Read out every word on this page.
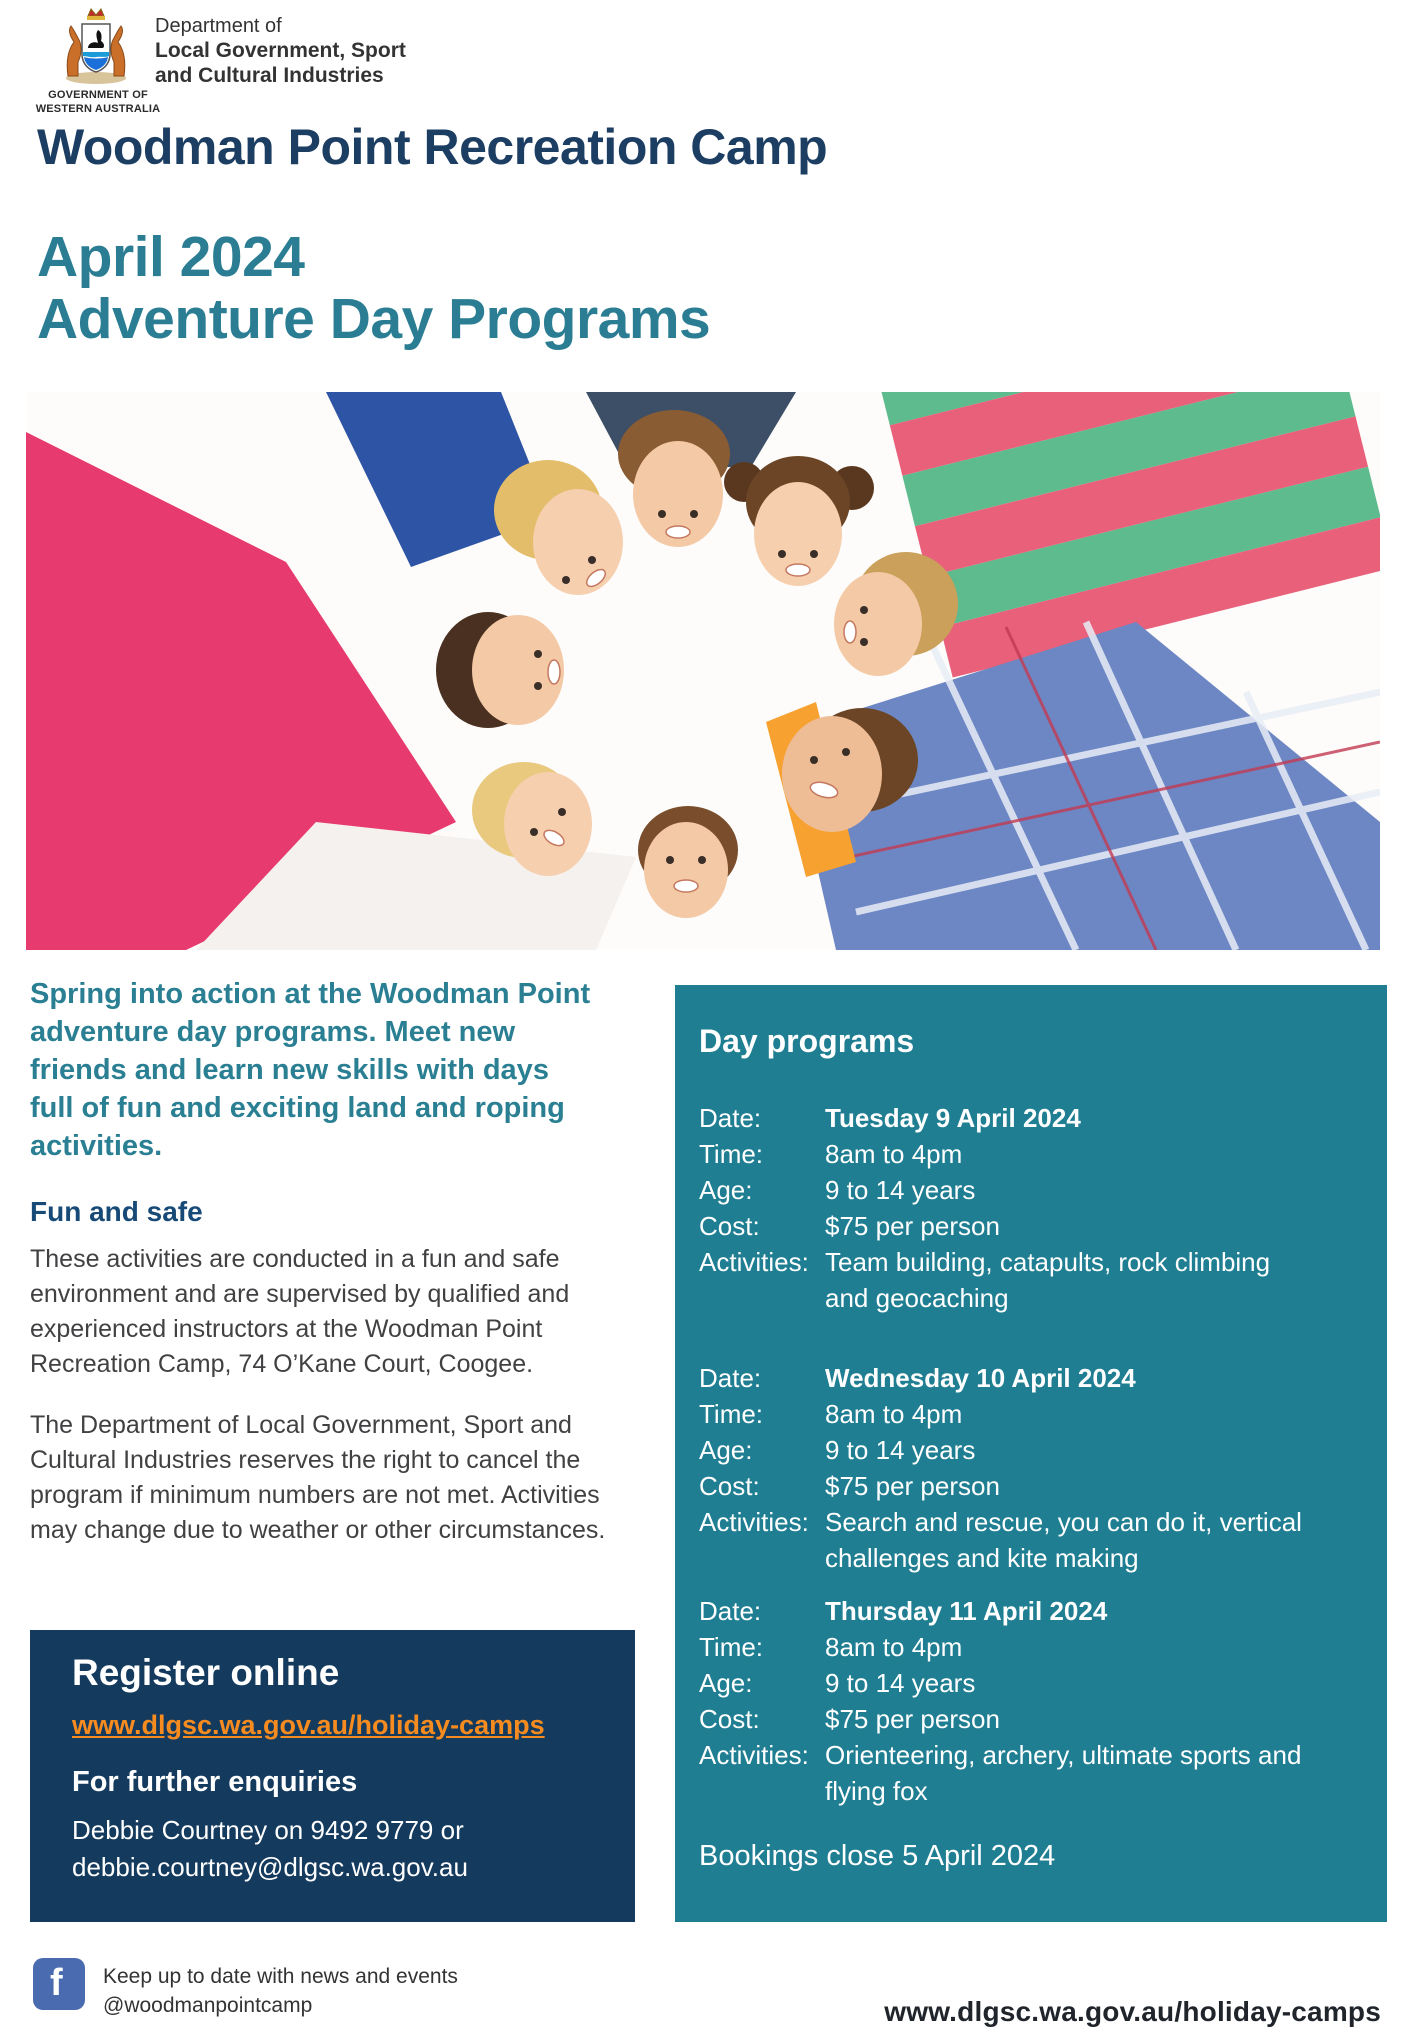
GOVERNMENT OF
WESTERN AUSTRALIA
Department of
Local Government, Sport
and Cultural Industries
Woodman Point Recreation Camp
April 2024
Adventure Day Programs
Spring into action at the Woodman Point adventure day programs. Meet new friends and learn new skills with days full of fun and exciting land and roping activities.
Fun and safe
These activities are conducted in a fun and safe environment and are supervised by qualified and experienced instructors at the Woodman Point Recreation Camp, 74 O’Kane Court, Coogee.
The Department of Local Government, Sport and Cultural Industries reserves the right to cancel the program if minimum numbers are not met. Activities may change due to weather or other circumstances.
Register online
www.dlgsc.wa.gov.au/holiday-camps
For further enquiries
Debbie Courtney on 9492 9779 or
debbie.courtney@dlgsc.wa.gov.au
Day programs
Date:	Tuesday 9 April 2024
Time:	8am to 4pm
Age:	9 to 14 years
Cost:	$75 per person
Activities: Team building, catapults, rock climbing and geocaching
Date:	Wednesday 10 April 2024
Time:	8am to 4pm
Age:	9 to 14 years
Cost:	$75 per person
Activities: Search and rescue, you can do it, vertical challenges and kite making
Date:	Thursday 11 April 2024
Time:	8am to 4pm
Age:	9 to 14 years
Cost:	$75 per person
Activities: Orienteering, archery, ultimate sports and flying fox
Bookings close 5 April 2024
f Keep up to date with news and events
@woodmanpointcamp	www.dlgsc.wa.gov.au/holiday-camps
